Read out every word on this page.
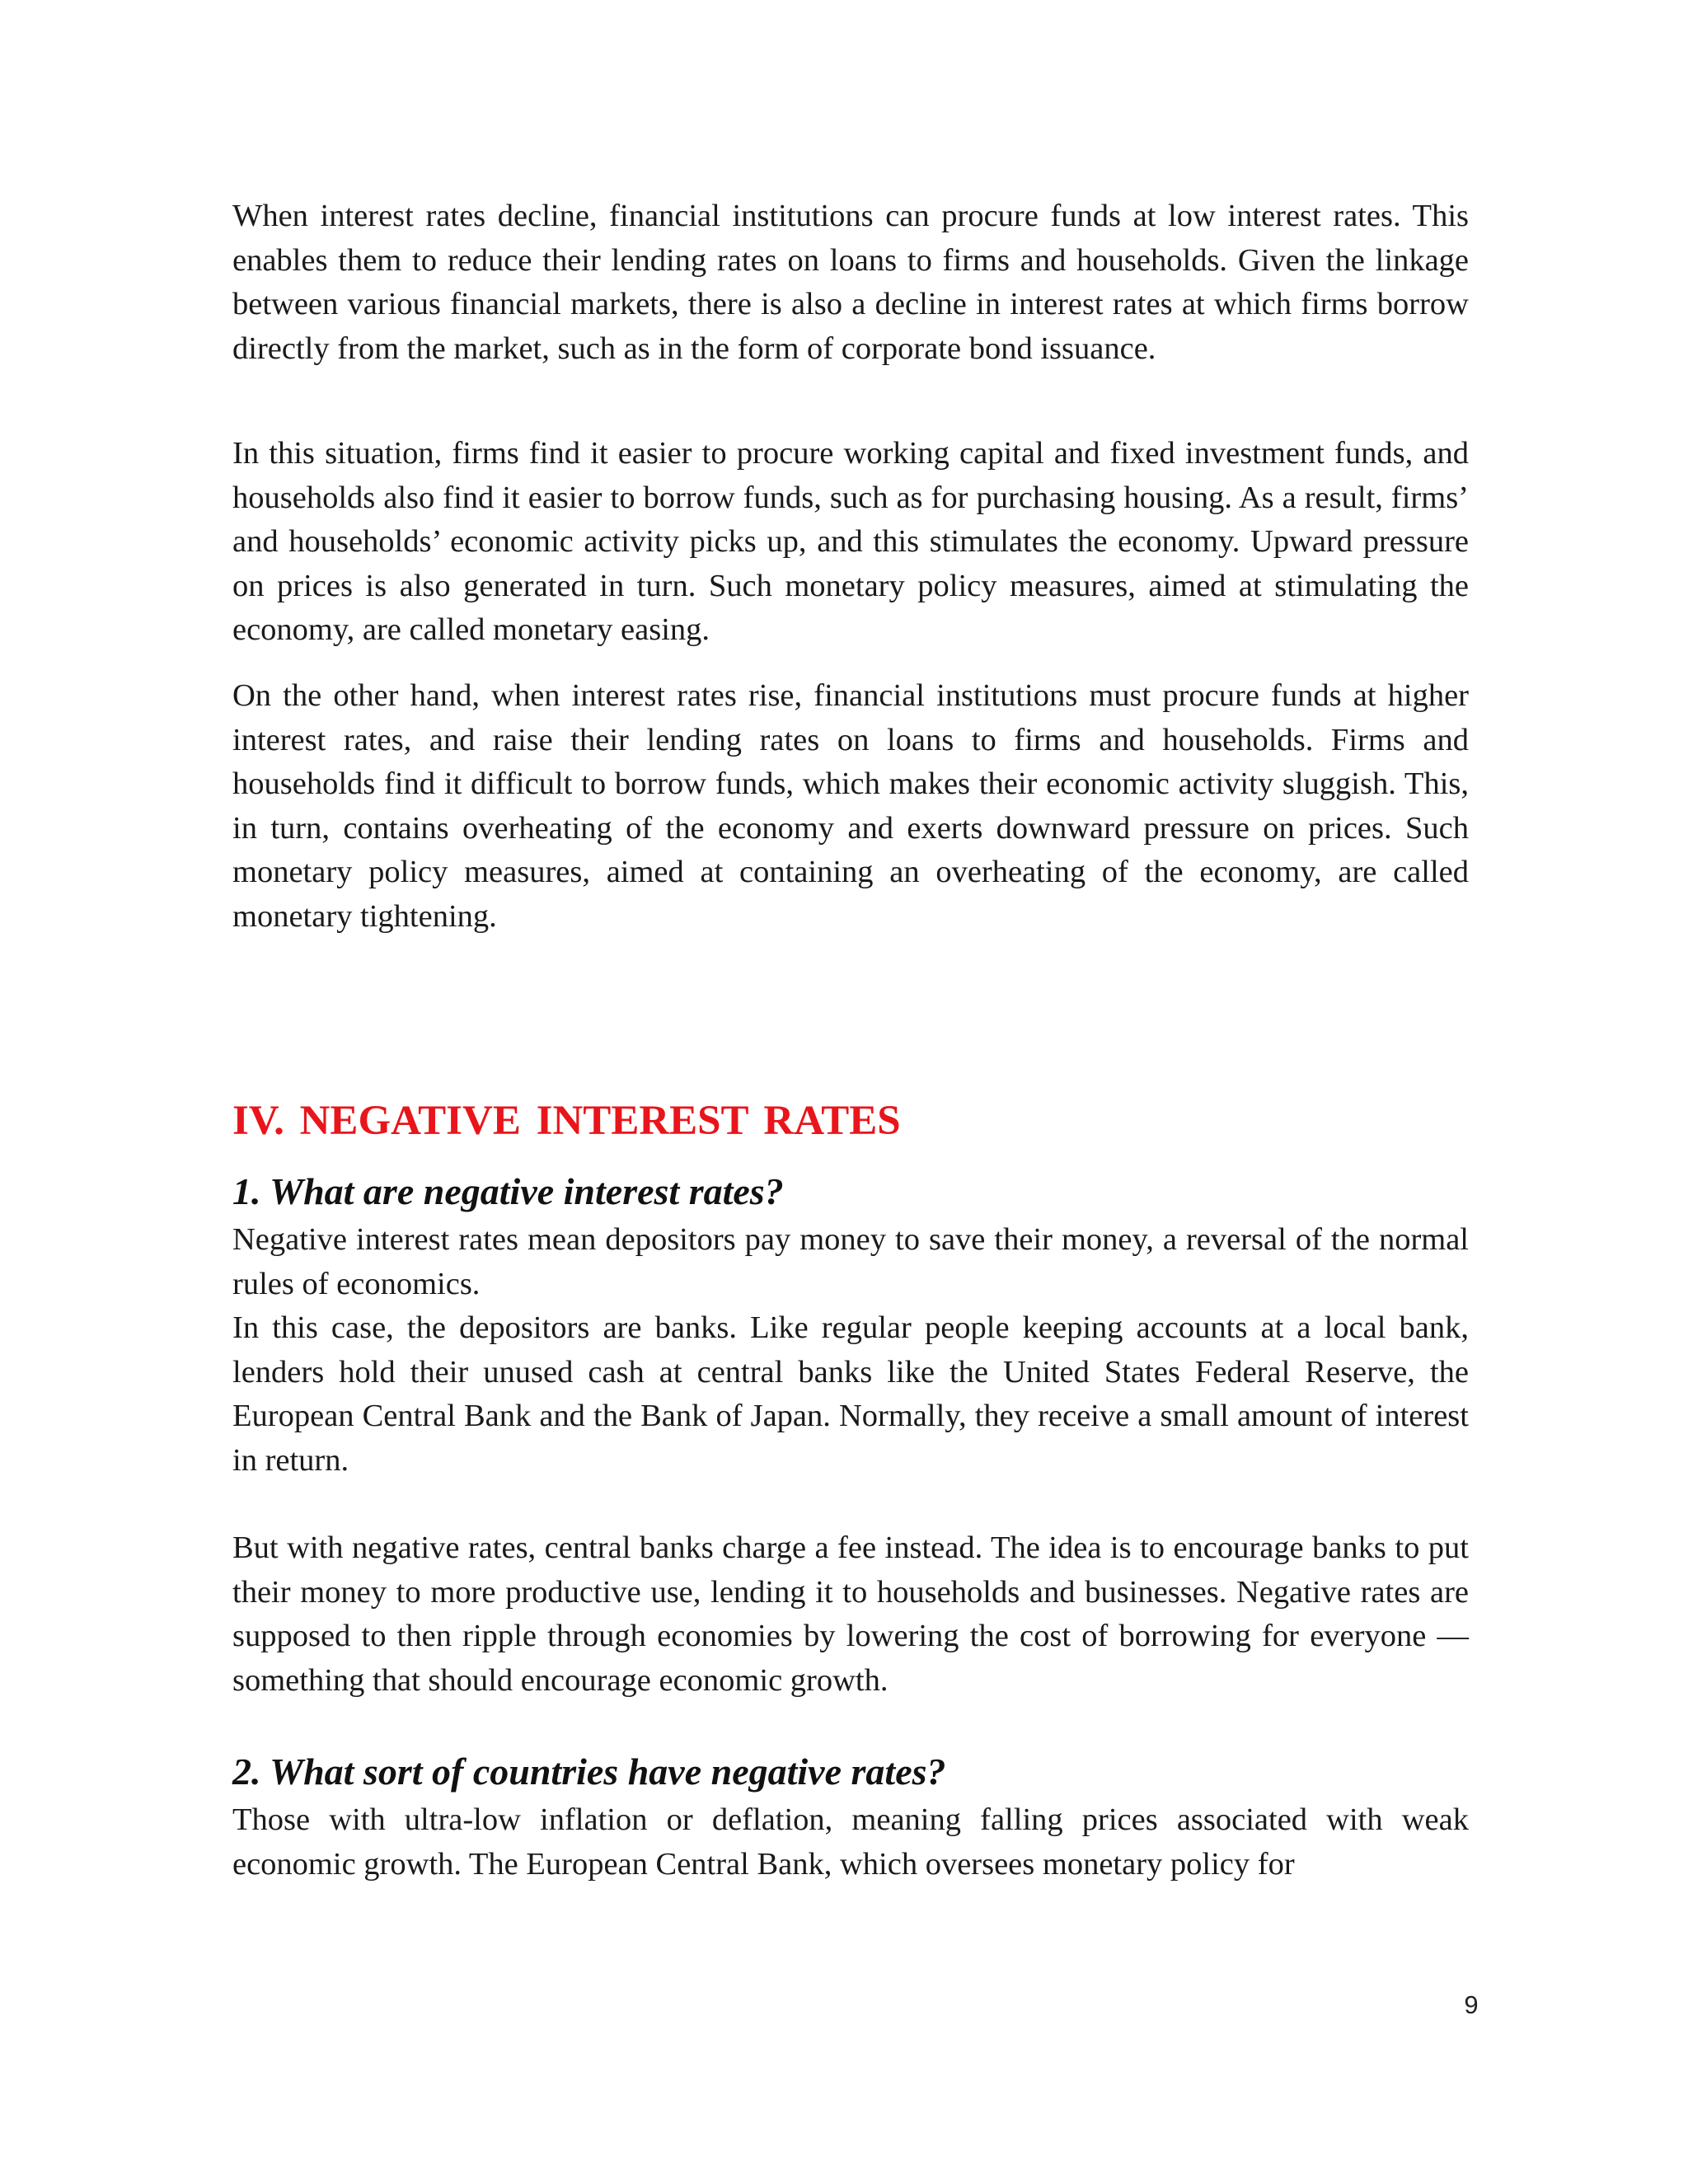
When interest rates decline, financial institutions can procure funds at low interest rates. This enables them to reduce their lending rates on loans to firms and households. Given the linkage between various financial markets, there is also a decline in interest rates at which firms borrow directly from the market, such as in the form of corporate bond issuance.

In this situation, firms find it easier to procure working capital and fixed investment funds, and households also find it easier to borrow funds, such as for purchasing housing. As a result, firms’ and households’ economic activity picks up, and this stimulates the economy. Upward pressure on prices is also generated in turn. Such monetary policy measures, aimed at stimulating the economy, are called monetary easing.

On the other hand, when interest rates rise, financial institutions must procure funds at higher interest rates, and raise their lending rates on loans to firms and households. Firms and households find it difficult to borrow funds, which makes their economic activity sluggish. This, in turn, contains overheating of the economy and exerts downward pressure on prices. Such monetary policy measures, aimed at containing an overheating of the economy, are called monetary tightening.

IV. NEGATIVE INTEREST RATES
1. What are negative interest rates?

Negative interest rates mean depositors pay money to save their money, a reversal of the normal rules of economics.

In this case, the depositors are banks. Like regular people keeping accounts at a local bank, lenders hold their unused cash at central banks like the United States Federal Reserve, the European Central Bank and the Bank of Japan. Normally, they receive a small amount of interest in return.

But with negative rates, central banks charge a fee instead. The idea is to encourage banks to put their money to more productive use, lending it to households and businesses. Negative rates are supposed to then ripple through economies by lowering the cost of borrowing for everyone — something that should encourage economic growth.

2. What sort of countries have negative rates?

Those with ultra-low inflation or deflation, meaning falling prices associated with weak economic growth. The European Central Bank, which oversees monetary policy for

9
